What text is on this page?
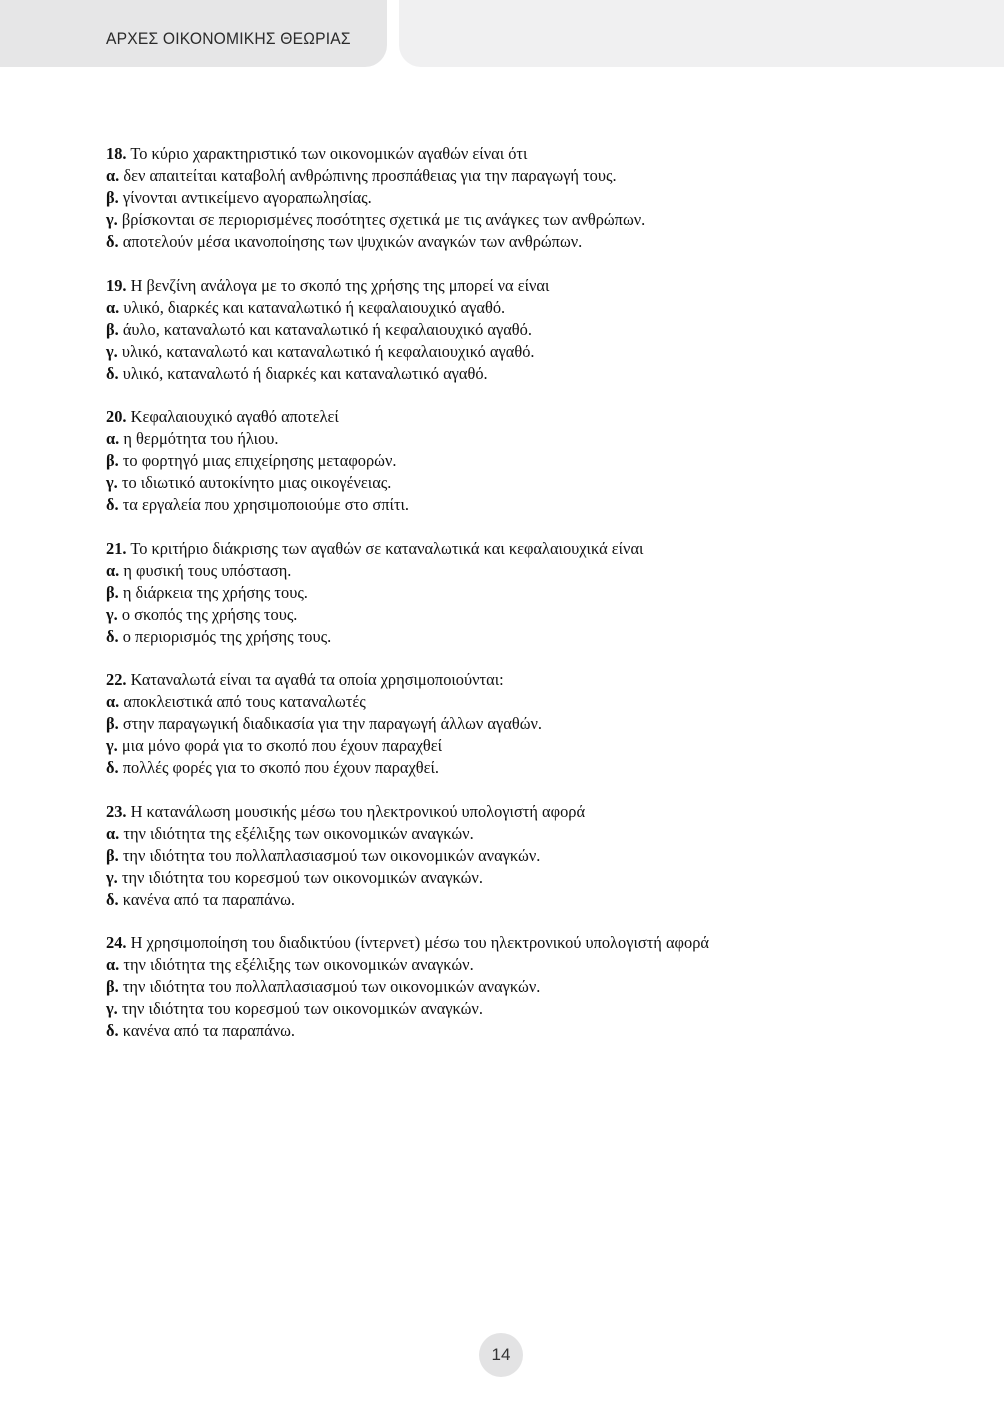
ΑΡΧΕΣ ΟΙΚΟΝΟΜΙΚΗΣ ΘΕΩΡΙΑΣ
18. Το κύριο χαρακτηριστικό των οικονομικών αγαθών είναι ότι
α. δεν απαιτείται καταβολή ανθρώπινης προσπάθειας για την παραγωγή τους.
β. γίνονται αντικείμενο αγοραπωλησίας.
γ. βρίσκονται σε περιορισμένες ποσότητες σχετικά με τις ανάγκες των ανθρώπων.
δ. αποτελούν μέσα ικανοποίησης των ψυχικών αναγκών των ανθρώπων.
19. Η βενζίνη ανάλογα με το σκοπό της χρήσης της μπορεί να είναι
α. υλικό, διαρκές και καταναλωτικό ή κεφαλαιουχικό αγαθό.
β. άυλο, καταναλωτό και καταναλωτικό ή κεφαλαιουχικό αγαθό.
γ. υλικό, καταναλωτό και καταναλωτικό ή κεφαλαιουχικό αγαθό.
δ. υλικό, καταναλωτό ή διαρκές και καταναλωτικό αγαθό.
20. Κεφαλαιουχικό αγαθό αποτελεί
α. η θερμότητα του ήλιου.
β. το φορτηγό μιας επιχείρησης μεταφορών.
γ. το ιδιωτικό αυτοκίνητο μιας οικογένειας.
δ. τα εργαλεία που χρησιμοποιούμε στο σπίτι.
21. Το κριτήριο διάκρισης των αγαθών σε καταναλωτικά και κεφαλαιουχικά είναι
α. η φυσική τους υπόσταση.
β. η διάρκεια της χρήσης τους.
γ. ο σκοπός της χρήσης τους.
δ. ο περιορισμός της χρήσης τους.
22. Καταναλωτά είναι τα αγαθά τα οποία χρησιμοποιούνται:
α. αποκλειστικά από τους καταναλωτές
β. στην παραγωγική διαδικασία για την παραγωγή άλλων αγαθών.
γ. μια μόνο φορά για το σκοπό που έχουν παραχθεί
δ. πολλές φορές για το σκοπό που έχουν παραχθεί.
23. Η κατανάλωση μουσικής μέσω του ηλεκτρονικού υπολογιστή αφορά
α. την ιδιότητα της εξέλιξης των οικονομικών αναγκών.
β. την ιδιότητα του πολλαπλασιασμού των οικονομικών αναγκών.
γ. την ιδιότητα του κορεσμού των οικονομικών αναγκών.
δ. κανένα από τα παραπάνω.
24. Η χρησιμοποίηση του διαδικτύου (ίντερνετ) μέσω του ηλεκτρονικού υπολογιστή αφορά
α. την ιδιότητα της εξέλιξης των οικονομικών αναγκών.
β. την ιδιότητα του πολλαπλασιασμού των οικονομικών αναγκών.
γ. την ιδιότητα του κορεσμού των οικονομικών αναγκών.
δ. κανένα από τα παραπάνω.
14
